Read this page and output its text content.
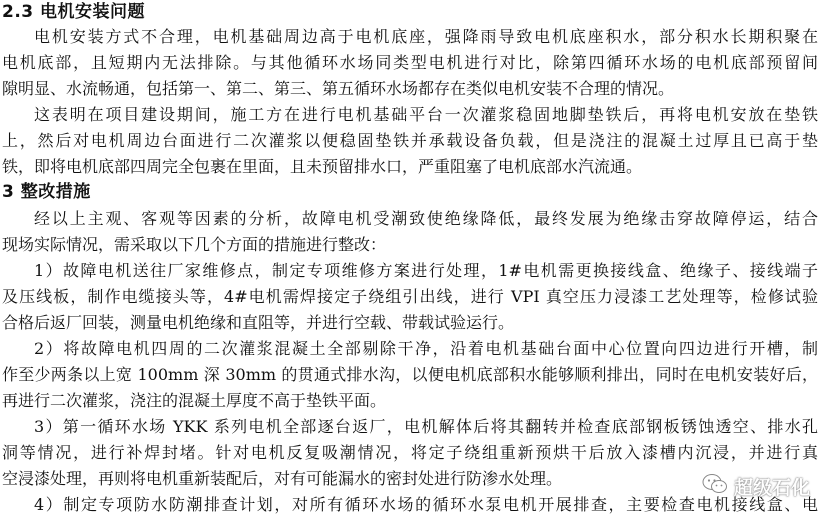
2.3 电机安装问题
电机安装方式不合理，电机基础周边高于电机底座，强降雨导致电机底座积水，部分积水长期积聚在
电机底部，且短期内无法排除。与其他循环水场同类型电机进行对比，除第四循环水场的电机底部预留间
隙明显、水流畅通，包括第一、第二、第三、第五循环水场都存在类似电机安装不合理的情况。
这表明在项目建设期间，施工方在进行电机基础平台一次灌浆稳固地脚垫铁后，再将电机安放在垫铁
上，然后对电机周边台面进行二次灌浆以便稳固垫铁并承载设备负载，但是浇注的混凝土过厚且已高于垫
铁，即将电机底部四周完全包裹在里面，且未预留排水口，严重阻塞了电机底部水汽流通。
3 整改措施
经以上主观、客观等因素的分析，故障电机受潮致使绝缘降低，最终发展为绝缘击穿故障停运，结合
现场实际情况，需采取以下几个方面的措施进行整改：
1）故障电机送往厂家维修点，制定专项维修方案进行处理，1#电机需更换接线盒、绝缘子、接线端子
及压线板，制作电缆接头等，4#电机需焊接定子绕组引出线，进行 VPI 真空压力浸漆工艺处理等，检修试验
合格后返厂回装，测量电机绝缘和直阻等，并进行空载、带载试验运行。
2）将故障电机四周的二次灌浆混凝土全部剔除干净，沿着电机基础台面中心位置向四边进行开槽，制
作至少两条以上宽 100mm 深 30mm 的贯通式排水沟，以便电机底部积水能够顺利排出，同时在电机安装好后，
再进行二次灌浆，浇注的混凝土厚度不高于垫铁平面。
3）第一循环水场 YKK 系列电机全部逐台返厂，电机解体后将其翻转并检查底部钢板锈蚀透空、排水孔
洞等情况，进行补焊封堵。针对电机反复吸潮情况，将定子绕组重新预烘干后放入漆槽内沉浸，并进行真
空浸漆处理，再则将电机重新装配后，对有可能漏水的密封处进行防渗水处理。
4）制定专项防水防潮排查计划，对所有循环水场的循环水泵电机开展排查，主要检查电机接线盒、电
超级石化
